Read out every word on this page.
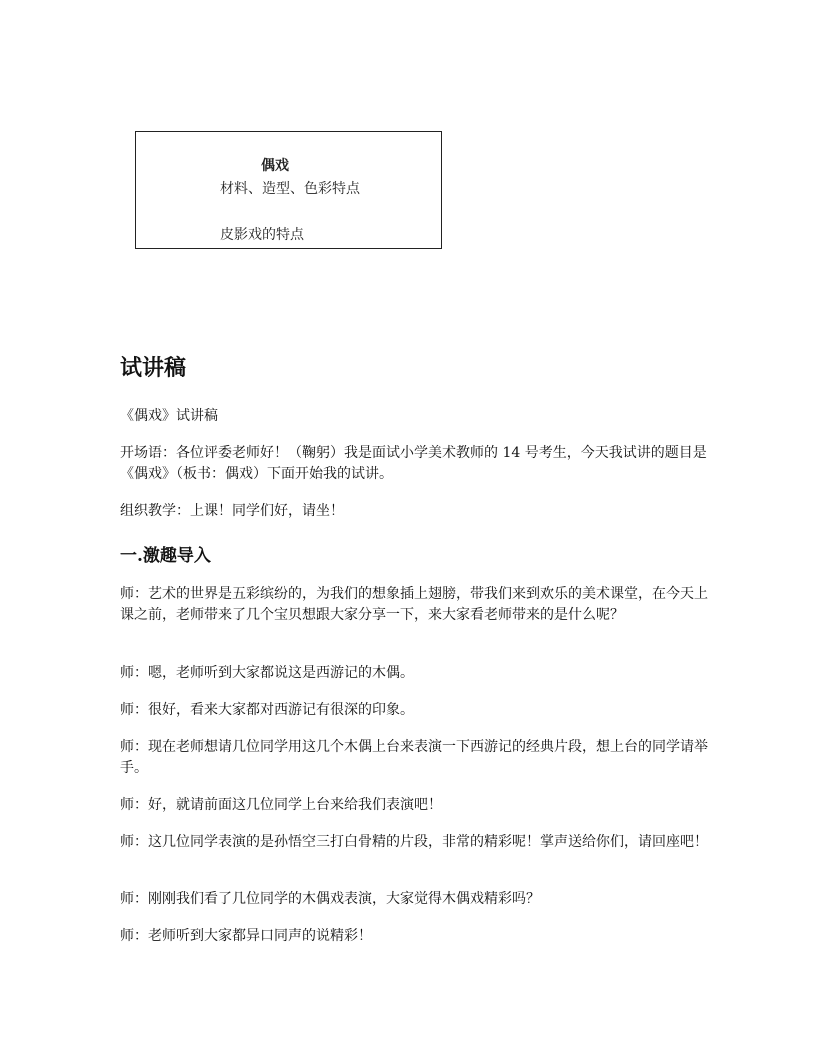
偶戏
材料、造型、色彩特点
皮影戏的特点
试讲稿

《偶戏》试讲稿

开场语：各位评委老师好！（鞠躬）我是面试小学美术教师的 14 号考生，今天我试讲的题目是《偶戏》（板书：偶戏）下面开始我的试讲。

组织教学：上课！同学们好，请坐！

一.激趣导入

师：艺术的世界是五彩缤纷的，为我们的想象插上翅膀，带我们来到欢乐的美术课堂，在今天上课之前，老师带来了几个宝贝想跟大家分享一下，来大家看老师带来的是什么呢？

师：嗯，老师听到大家都说这是西游记的木偶。

师：很好，看来大家都对西游记有很深的印象。

师：现在老师想请几位同学用这几个木偶上台来表演一下西游记的经典片段，想上台的同学请举手。

师：好，就请前面这几位同学上台来给我们表演吧！

师：这几位同学表演的是孙悟空三打白骨精的片段，非常的精彩呢！掌声送给你们，请回座吧！

师：刚刚我们看了几位同学的木偶戏表演，大家觉得木偶戏精彩吗？

师：老师听到大家都异口同声的说精彩！
